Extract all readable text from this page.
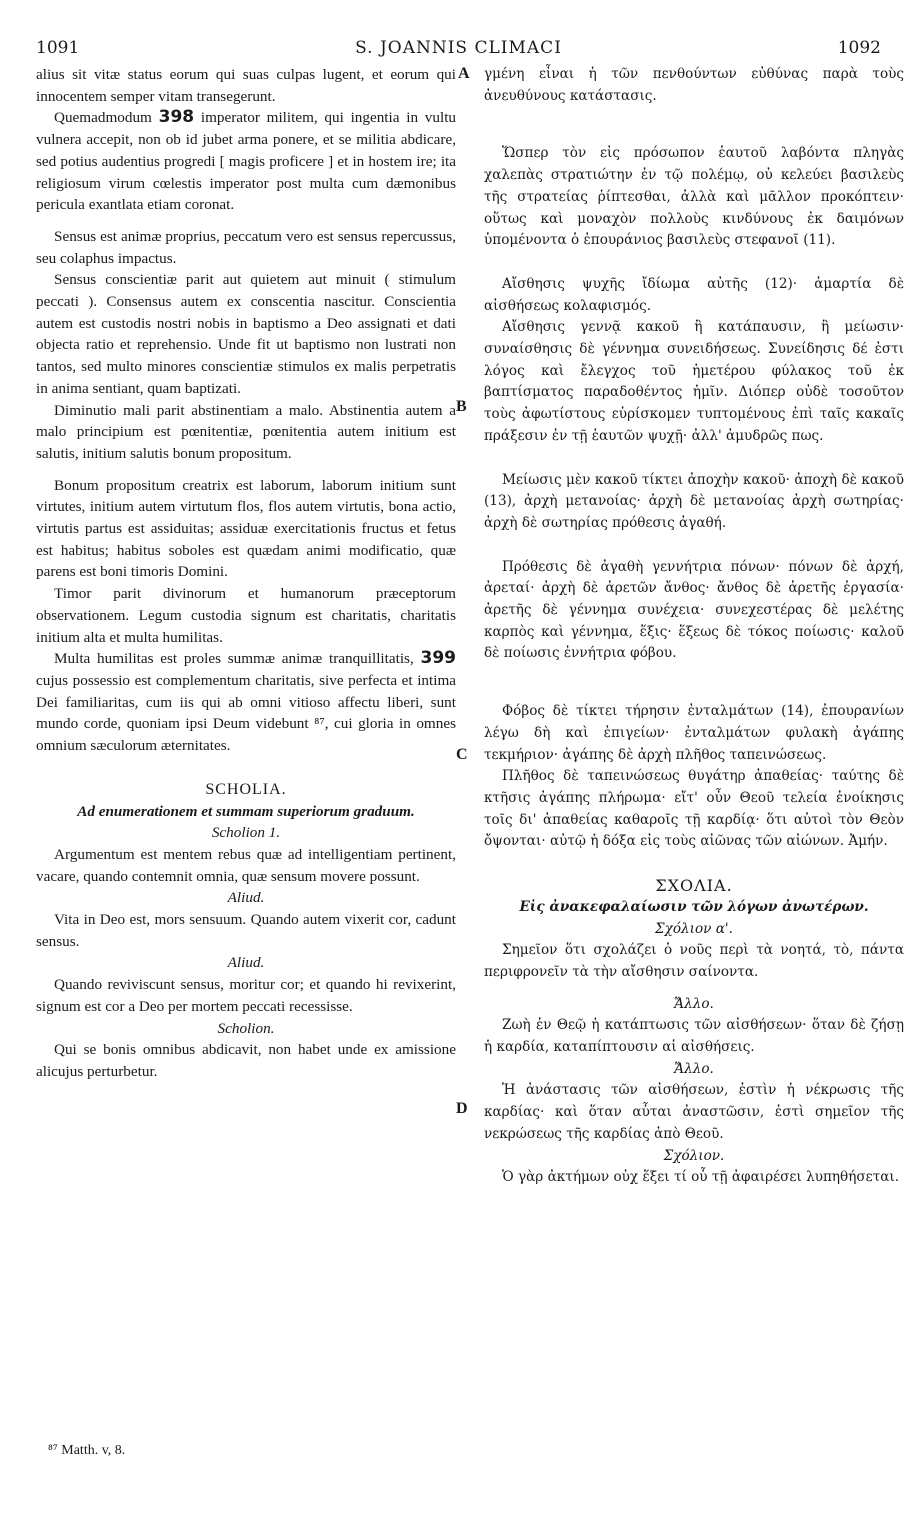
1091	S. JOANNIS CLIMACI	1092
A
B
C
D

alius sit vitæ status eorum qui suas culpas lugent, et eorum qui innocentem semper vitam transegerunt.

Quemadmodum 398 imperator militem, qui ingentia in vultu vulnera accepit, non ob id jubet arma ponere, et se militia abdicare, sed potius audentius progredi [ magis proficere ] et in hostem ire; ita religiosum virum cœlestis imperator post multa cum dæmonibus pericula exantlata etiam coronat.

Sensus est animæ proprius, peccatum vero est sensus repercussus, seu colaphus impactus.

Sensus conscientiæ parit aut quietem aut minuit ( stimulum peccati ). Consensus autem ex conscentia nascitur. Conscientia autem est custodis nostri nobis in baptismo a Deo assignati et dati objecta ratio et reprehensio. Unde fit ut baptismo non lustrati non tantos, sed multo minores conscientiæ stimulos ex malis perpetratis in anima sentiant, quam baptizati.

Diminutio mali parit abstinentiam a malo. Abstinentia autem a malo principium est pœnitentiæ, pœnitentia autem initium est salutis, initium salutis bonum propositum.

Bonum propositum creatrix est laborum, laborum initium sunt virtutes, initium autem virtutum flos, flos autem virtutis, bona actio, virtutis partus est assiduitas; assiduæ exercitationis fructus et fetus est habitus; habitus soboles est quædam animi modificatio, quæ parens est boni timoris Domini.

Timor parit divinorum et humanorum præceptorum observationem. Legum custodia signum est charitatis, charitatis initium alta et multa humilitas.

Multa humilitas est proles summæ animæ tranquillitatis, 399 cujus possessio est complementum charitatis, sive perfecta et intima Dei familiaritas, cum iis qui ab omni vitioso affectu liberi, sunt mundo corde, quoniam ipsi Deum videbunt ⁸⁷, cui gloria in omnes omnium sæculorum æternitates.

SCHOLIA.

Ad enumerationem et summam superiorum graduum.

Scholion 1.

Argumentum est mentem rebus quæ ad intelligentiam pertinent, vacare, quando contemnit omnia, quæ sensum movere possunt.

Aliud.

Vita in Deo est, mors sensuum. Quando autem vixerit cor, cadunt sensus.

Aliud.

Quando reviviscunt sensus, moritur cor; et quando hi revixerint, signum est cor a Deo per mortem peccati recessisse.

Scholion.

Qui se bonis omnibus abdicavit, non habet unde ex amissione alicujus perturbetur.

⁸⁷ Matth. v, 8.

γμένη εἶναι ἡ τῶν πενθούντων εὐθύνας παρὰ τοὺς ἀνευθύνους κατάστασις.

Ὥσπερ τὸν εἰς πρόσωπον ἑαυτοῦ λαβόντα πληγὰς χαλεπὰς στρατιώτην ἐν τῷ πολέμῳ, οὐ κελεύει βασιλεὺς τῆς στρατείας ῥίπτεσθαι, ἀλλὰ καὶ μᾶλλον προκόπτειν· οὕτως καὶ μοναχὸν πολλοὺς κινδύνους ἐκ δαιμόνων ὑπομένοντα ὁ ἐπουράνιος βασιλεὺς στεφανοῖ (11).

Αἴσθησις ψυχῆς ἴδίωμα αὐτῆς (12)· ἁμαρτία δὲ αἰσθήσεως κολαφισμός.

Αἴσθησις γεννᾷ κακοῦ ἢ κατάπαυσιν, ἢ μείωσιν· συναίσθησις δὲ γέννημα συνειδήσεως. Συνείδησις δέ ἐστι λόγος καὶ ἔλεγχος τοῦ ἡμετέρου φύλακος τοῦ ἐκ βαπτίσματος παραδοθέντος ἡμῖν. Διόπερ οὐδὲ τοσοῦτον τοὺς ἀφωτίστους εὑρίσκομεν τυπτομένους ἐπὶ ταῖς κακαῖς πράξεσιν ἐν τῇ ἑαυτῶν ψυχῇ· ἀλλ' ἀμυδρῶς πως.

Μείωσις μὲν κακοῦ τίκτει ἀποχὴν κακοῦ· ἀποχὴ δὲ κακοῦ (13), ἀρχὴ μετανοίας· ἀρχὴ δὲ μετανοίας ἀρχὴ σωτηρίας· ἀρχὴ δὲ σωτηρίας πρόθεσις ἀγαθή.

Πρόθεσις δὲ ἀγαθὴ γεννήτρια πόνων· πόνων δὲ ἀρχή, ἀρεταί· ἀρχὴ δὲ ἀρετῶν ἄνθος· ἄνθος δὲ ἀρετῆς ἐργασία· ἀρετῆς δὲ γέννημα συνέχεια· συνεχεστέρας δὲ μελέτης καρπὸς καὶ γέννημα, ἕξις· ἕξεως δὲ τόκος ποίωσις· καλοῦ δὲ ποίωσις ἐννήτρια φόβου.

Φόβος δὲ τίκτει τήρησιν ἐνταλμάτων (14), ἐπουρανίων λέγω δὴ καὶ ἐπιγείων· ἐνταλμάτων φυλακὴ ἀγάπης τεκμήριον· ἀγάπης δὲ ἀρχὴ πλῆθος ταπεινώσεως.

Πλῆθος δὲ ταπεινώσεως θυγάτηρ ἀπαθείας· ταύτης δὲ κτῆσις ἀγάπης πλήρωμα· εἴτ' οὖν Θεοῦ τελεία ἐνοίκησις τοῖς δι' ἀπαθείας καθαροῖς τῇ καρδίᾳ· ὅτι αὐτοὶ τὸν Θεὸν ὄψονται· αὐτῷ ἡ δόξα εἰς τοὺς αἰῶνας τῶν αἰώνων. Ἀμήν.

ΣΧΟΛΙΑ.

Εἰς ἀνακεφαλαίωσιν τῶν λόγων ἀνωτέρων.

Σχόλιον α'.

Σημεῖον ὅτι σχολάζει ὁ νοῦς περὶ τὰ νοητά, τὸ, πάντα περιφρονεῖν τὰ τὴν αἴσθησιν σαίνοντα.

Ἄλλο.

Ζωὴ ἐν Θεῷ ἡ κατάπτωσις τῶν αἰσθήσεων· ὅταν δὲ ζήσῃ ἡ καρδία, καταπίπτουσιν αἱ αἰσθήσεις.

Ἄλλο.

Ἡ ἀνάστασις τῶν αἰσθήσεων, ἐστὶν ἡ νέκρωσις τῆς καρδίας· καὶ ὅταν αὗται ἀναστῶσιν, ἐστὶ σημεῖον τῆς νεκρώσεως τῆς καρδίας ἀπὸ Θεοῦ.

Σχόλιον.

Ὁ γὰρ ἀκτήμων οὐχ ἕξει τί οὗ τῇ ἀφαιρέσει λυπηθήσεται.
